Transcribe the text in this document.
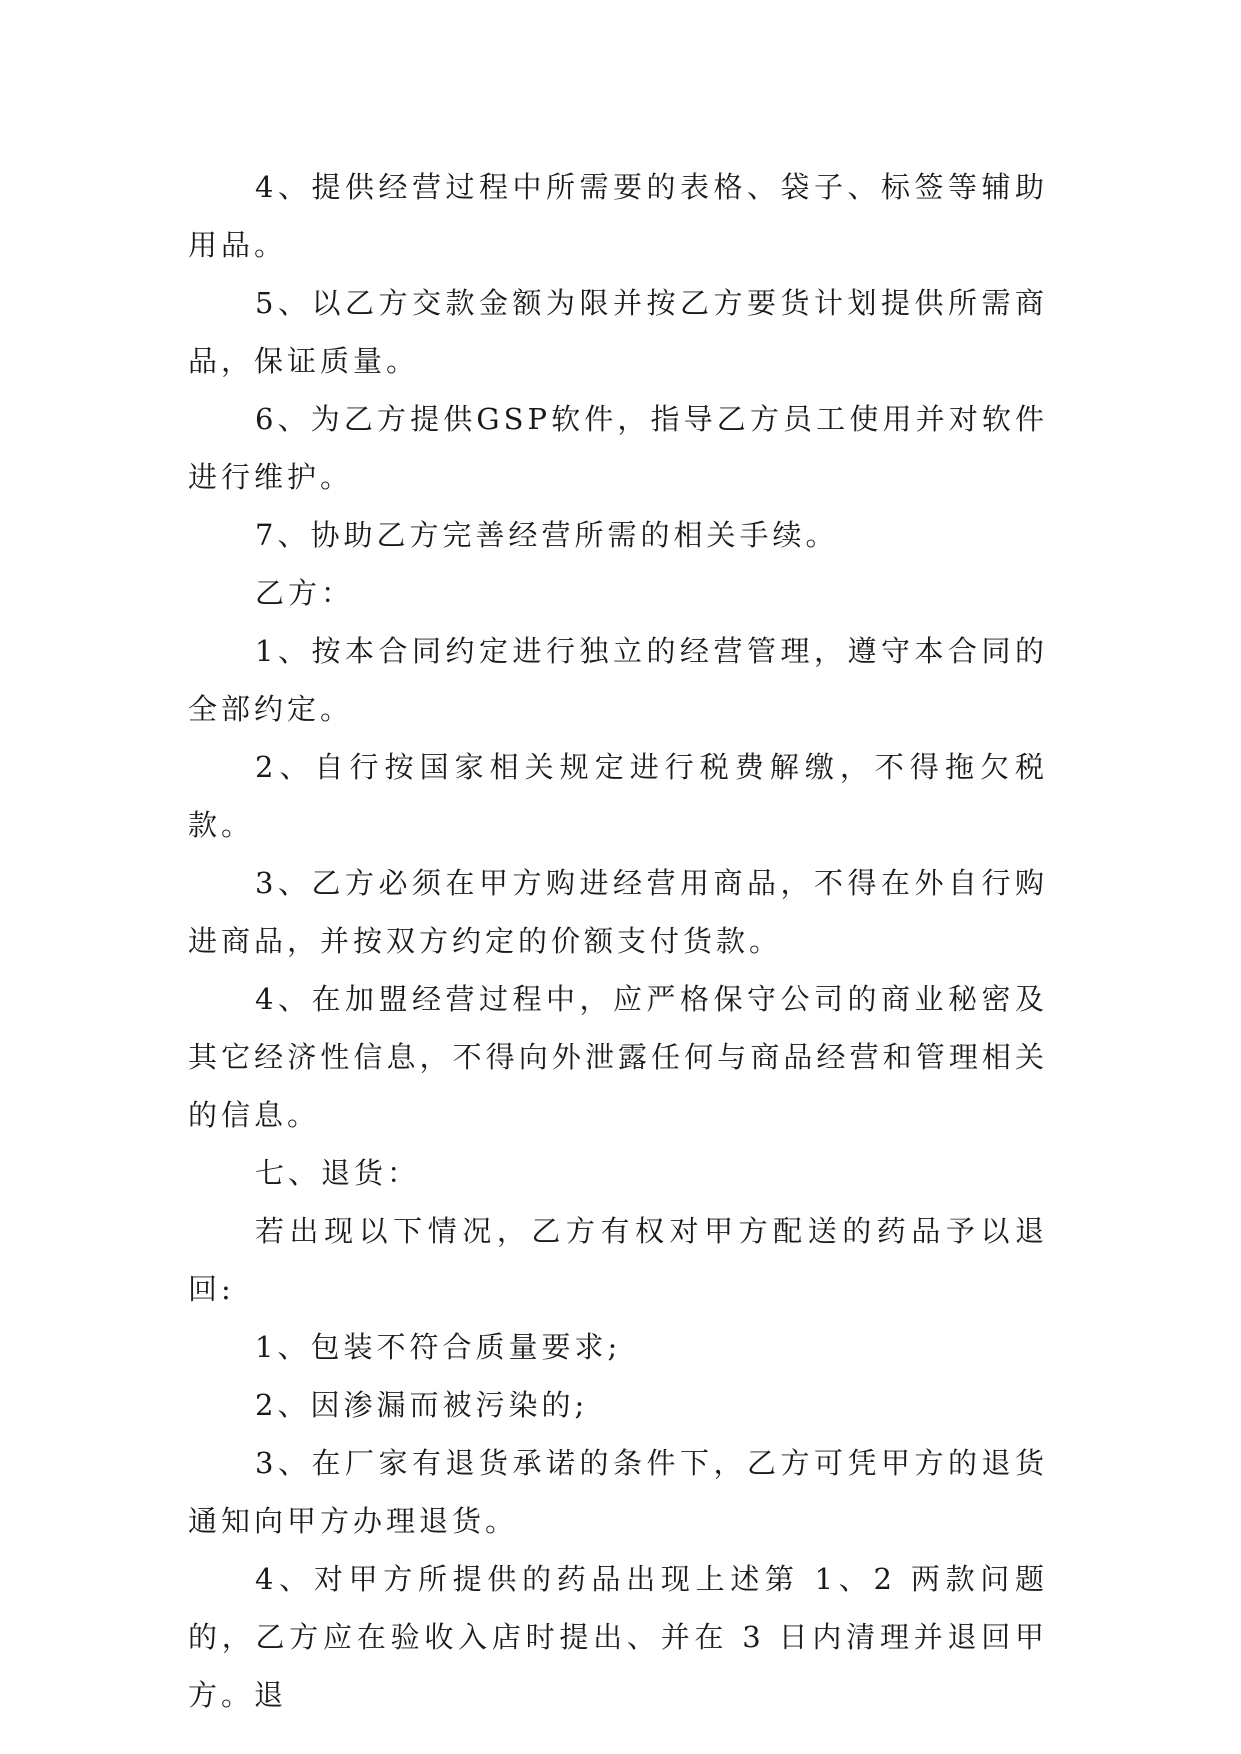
4、提供经营过程中所需要的表格、袋子、标签等辅助用品。

5、以乙方交款金额为限并按乙方要货计划提供所需商品，保证质量。

6、为乙方提供GSP软件，指导乙方员工使用并对软件进行维护。

7、协助乙方完善经营所需的相关手续。

乙方：

1、按本合同约定进行独立的经营管理，遵守本合同的全部约定。

2、自行按国家相关规定进行税费解缴，不得拖欠税款。

3、乙方必须在甲方购进经营用商品，不得在外自行购进商品，并按双方约定的价额支付货款。

4、在加盟经营过程中，应严格保守公司的商业秘密及其它经济性信息，不得向外泄露任何与商品经营和管理相关的信息。

七、退货：

若出现以下情况，乙方有权对甲方配送的药品予以退回:

1、包装不符合质量要求;

2、因渗漏而被污染的;

3、在厂家有退货承诺的条件下，乙方可凭甲方的退货通知向甲方办理退货。

4、对甲方所提供的药品出现上述第 1、2 两款问题的，乙方应在验收入店时提出、并在 3 日内清理并退回甲方。退
